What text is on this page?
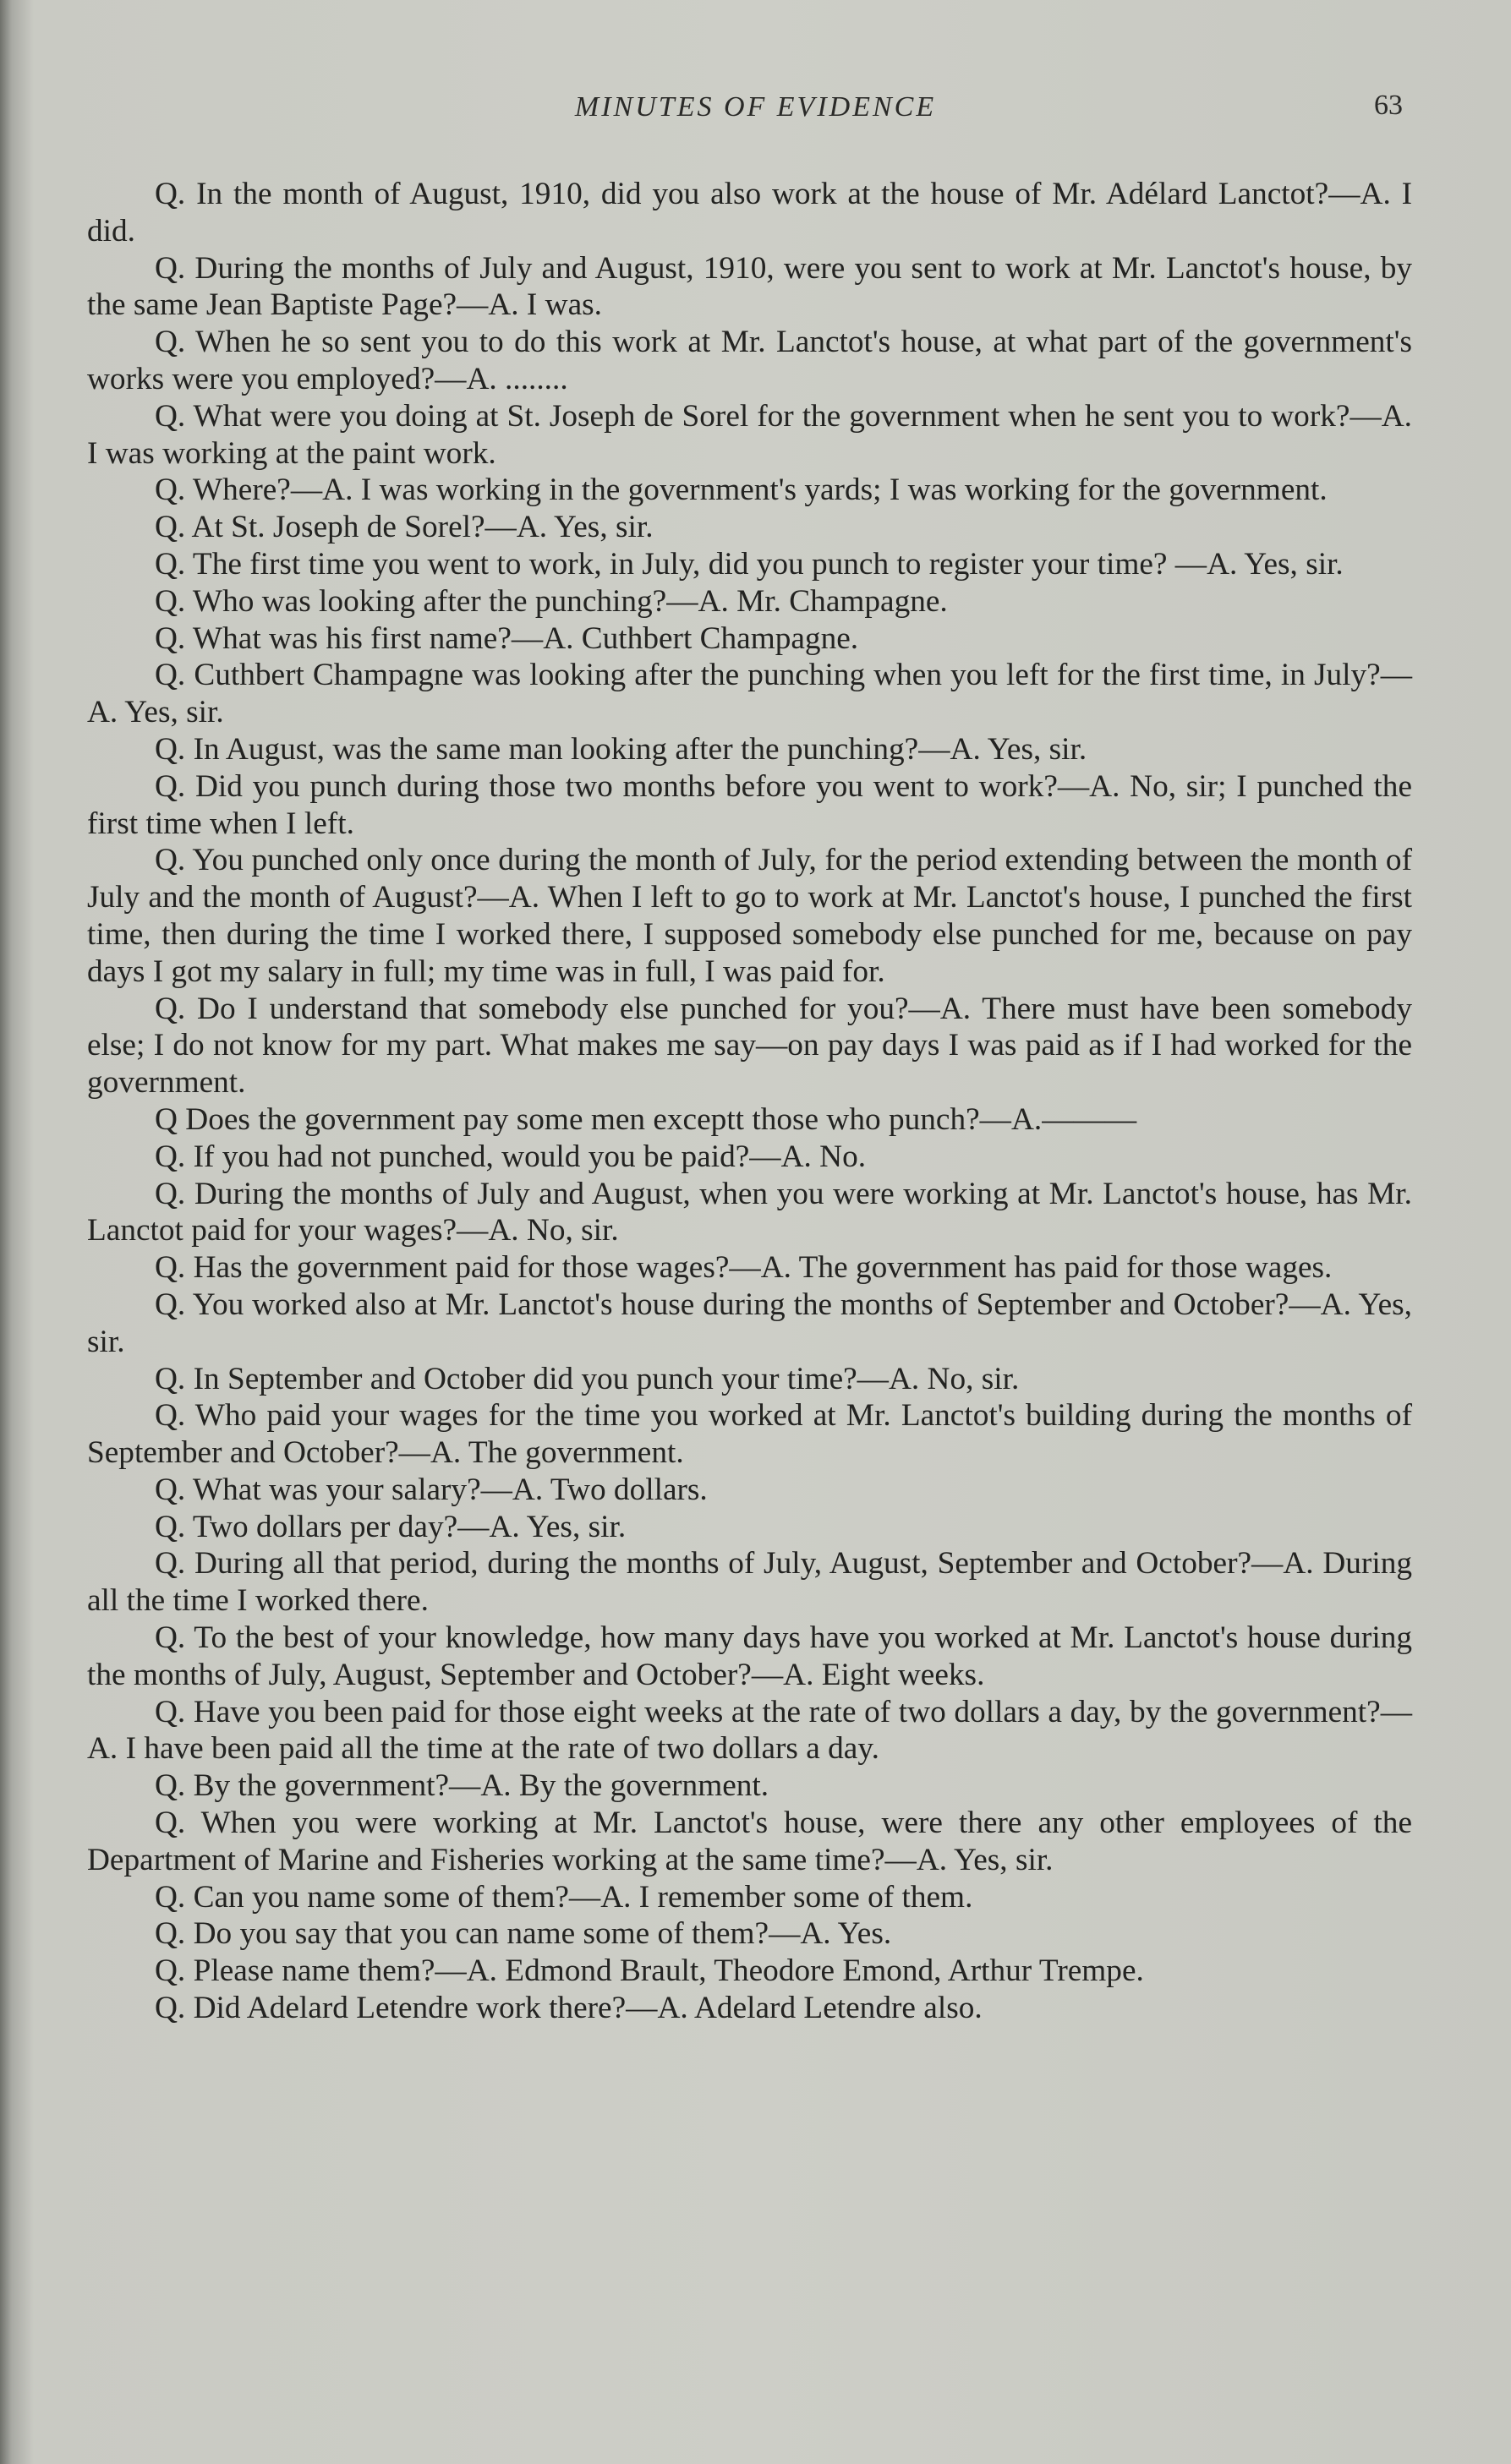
MINUTES OF EVIDENCE	63

Q. In the month of August, 1910, did you also work at the house of Mr. Adélard Lanctot?—A. I did.

Q. During the months of July and August, 1910, were you sent to work at Mr. Lanctot's house, by the same Jean Baptiste Page?—A. I was.

Q. When he so sent you to do this work at Mr. Lanctot's house, at what part of the government's works were you employed?—A. ........

Q. What were you doing at St. Joseph de Sorel for the government when he sent you to work?—A. I was working at the paint work.

Q. Where?—A. I was working in the government's yards; I was working for the government.

Q. At St. Joseph de Sorel?—A. Yes, sir.

Q. The first time you went to work, in July, did you punch to register your time? —A. Yes, sir.

Q. Who was looking after the punching?—A. Mr. Champagne.

Q. What was his first name?—A. Cuthbert Champagne.

Q. Cuthbert Champagne was looking after the punching when you left for the first time, in July?—A. Yes, sir.

Q. In August, was the same man looking after the punching?—A. Yes, sir.

Q. Did you punch during those two months before you went to work?—A. No, sir; I punched the first time when I left.

Q. You punched only once during the month of July, for the period extending between the month of July and the month of August?—A. When I left to go to work at Mr. Lanctot's house, I punched the first time, then during the time I worked there, I supposed somebody else punched for me, because on pay days I got my salary in full; my time was in full, I was paid for.

Q. Do I understand that somebody else punched for you?—A. There must have been somebody else; I do not know for my part. What makes me say—on pay days I was paid as if I had worked for the government.

Q Does the government pay some men exceptt those who punch?—A.———

Q. If you had not punched, would you be paid?—A. No.

Q. During the months of July and August, when you were working at Mr. Lanctot's house, has Mr. Lanctot paid for your wages?—A. No, sir.

Q. Has the government paid for those wages?—A. The government has paid for those wages.

Q. You worked also at Mr. Lanctot's house during the months of September and October?—A. Yes, sir.

Q. In September and October did you punch your time?—A. No, sir.

Q. Who paid your wages for the time you worked at Mr. Lanctot's building during the months of September and October?—A. The government.

Q. What was your salary?—A. Two dollars.

Q. Two dollars per day?—A. Yes, sir.

Q. During all that period, during the months of July, August, September and October?—A. During all the time I worked there.

Q. To the best of your knowledge, how many days have you worked at Mr. Lanctot's house during the months of July, August, September and October?—A. Eight weeks.

Q. Have you been paid for those eight weeks at the rate of two dollars a day, by the government?—A. I have been paid all the time at the rate of two dollars a day.

Q. By the government?—A. By the government.

Q. When you were working at Mr. Lanctot's house, were there any other employees of the Department of Marine and Fisheries working at the same time?—A. Yes, sir.

Q. Can you name some of them?—A. I remember some of them.

Q. Do you say that you can name some of them?—A. Yes.

Q. Please name them?—A. Edmond Brault, Theodore Emond, Arthur Trempe.

Q. Did Adelard Letendre work there?—A. Adelard Letendre also.
